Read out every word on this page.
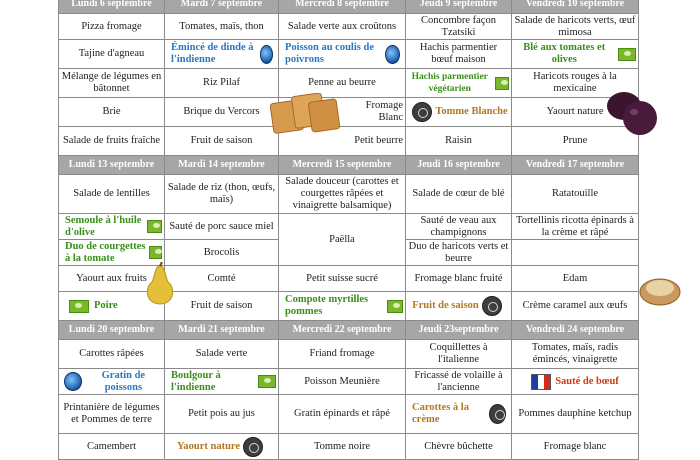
Lundi 6 septembre	Mardi 7 septembre	Mercredi 8 septembre	Jeudi 9 septembre	Vendredi 10 septembre
Pizza fromage	Tomates, maïs, thon	Salade verte aux croûtons	Concombre façon Tzatsiki	Salade de haricots verts, œuf mimosa
Tajine d'agneau	Émincé de dinde à l'indienne	Poisson au coulis de poivrons	Hachis parmentier bœuf maison	Blé aux tomates et olives

Mélange de légumes en bâtonnet	Riz Pilaf	Penne au beurre	Hachis parmentier végétarien	Haricots rouges à la mexicaine
Brie	Brique du Vercors	Fromage Blanc	Tomme Blanche	Yaourt nature
Salade de fruits fraîche	Fruit de saison	Petit beurre	Raisin	Prune
Lundi 13 septembre	Mardi 14 septembre	Mercredi 15 septembre	Jeudi 16 septembre	Vendredi 17 septembre
Salade de lentilles	Salade de riz (thon, œufs, maïs)	Salade douceur (carottes et courgettes râpées et vinaigrette balsamique)	Salade de cœur de blé	Ratatouille

Semoule à l'huile d'olive	Sauté de porc sauce miel	Paëlla	Sauté de veau aux champignons	Tortellinis ricotta épinards à la crème et râpé

Duo de courgettes à la tomate	Brocolis		Duo de haricots verts et beurre	
Yaourt aux fruits	Comté	Petit suisse sucré	Fromage blanc fruité	Edam

Poire	Fruit de saison	Compote myrtilles pommes	Fruit de saison	Crème caramel aux œufs
Lundi 20 septembre	Mardi 21 septembre	Mercredi 22 septembre	Jeudi 23septembre	Vendredi 24 septembre
Carottes râpées	Salade verte	Friand fromage	Coquillettes à l'italienne	Tomates, maïs, radis émincés, vinaigrette

Gratin de poissons	Boulgour à l'indienne	Poisson Meunière	Fricassé de volaille à l'ancienne	Sauté de bœuf

Printanière de légumes et Pommes de terre	Petit pois au jus	Gratin épinards et râpé	Carottes à la crème	Pommes dauphine ketchup
Camembert	Yaourt nature	Tomme noire	Chèvre bûchette	Fromage blanc
